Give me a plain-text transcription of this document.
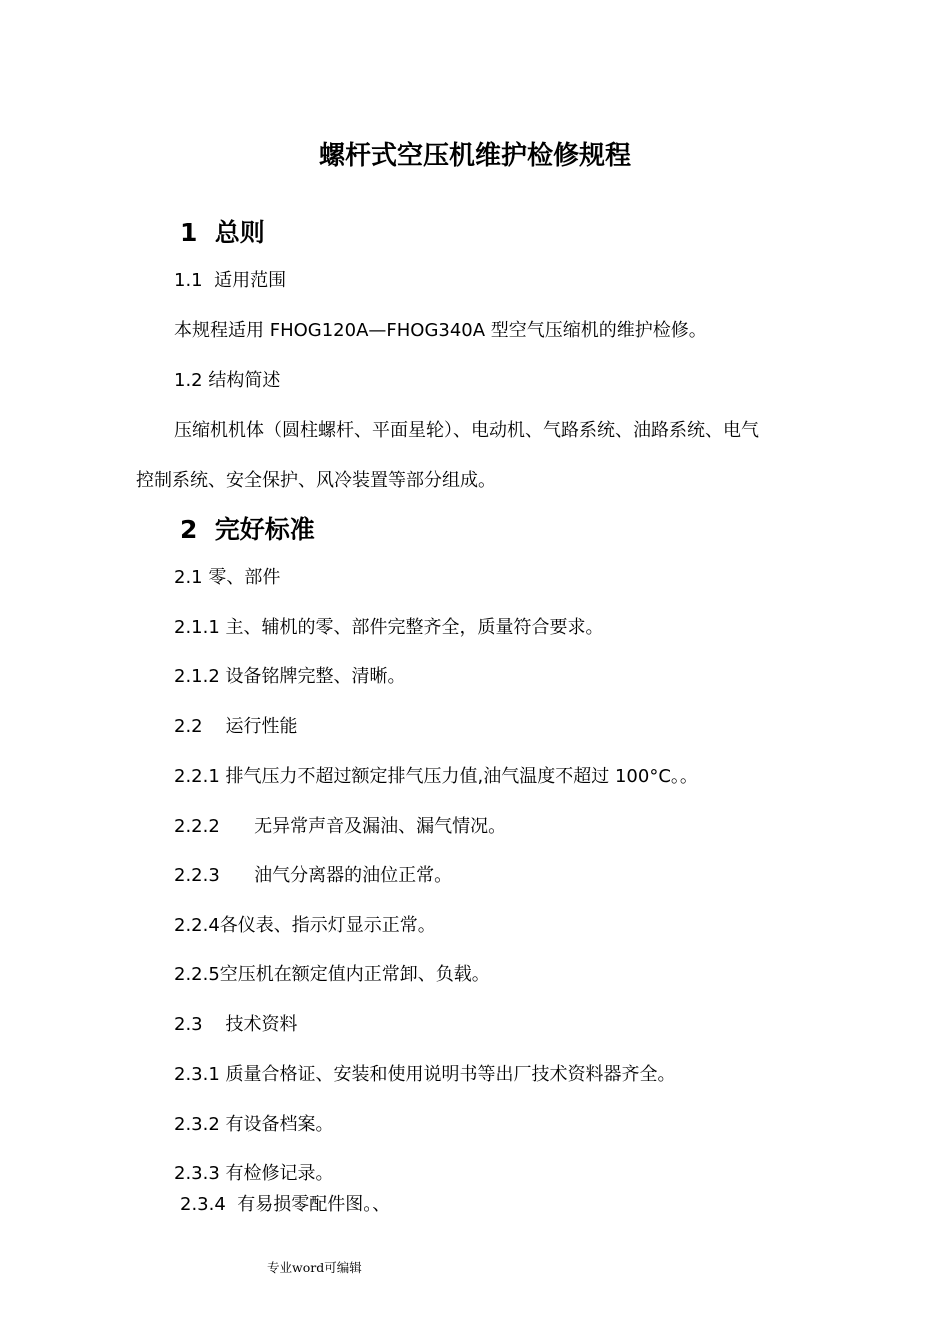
螺杆式空压机维护检修规程
1  总则
1.1  适用范围
本规程适用 FHOG120A—FHOG340A 型空气压缩机的维护检修。
1.2 结构简述
压缩机机体（圆柱螺杆、平面星轮）、电动机、气路系统、油路系统、电气
控制系统、安全保护、风冷装置等部分组成。
2  完好标准
2.1 零、部件
2.1.1 主、辅机的零、部件完整齐全，质量符合要求。
2.1.2 设备铭牌完整、清晰。
2.2    运行性能
2.2.1 排气压力不超过额定排气压力值,油气温度不超过 100°C。。
2.2.2      无异常声音及漏油、漏气情况。
2.2.3      油气分离器的油位正常。
2.2.4各仪表、指示灯显示正常。
2.2.5空压机在额定值内正常卸、负载。
2.3    技术资料
2.3.1 质量合格证、安装和使用说明书等出厂技术资料器齐全。
2.3.2 有设备档案。
2.3.3 有检修记录。
2.3.4  有易损零配件图。、
专业word可编辑
